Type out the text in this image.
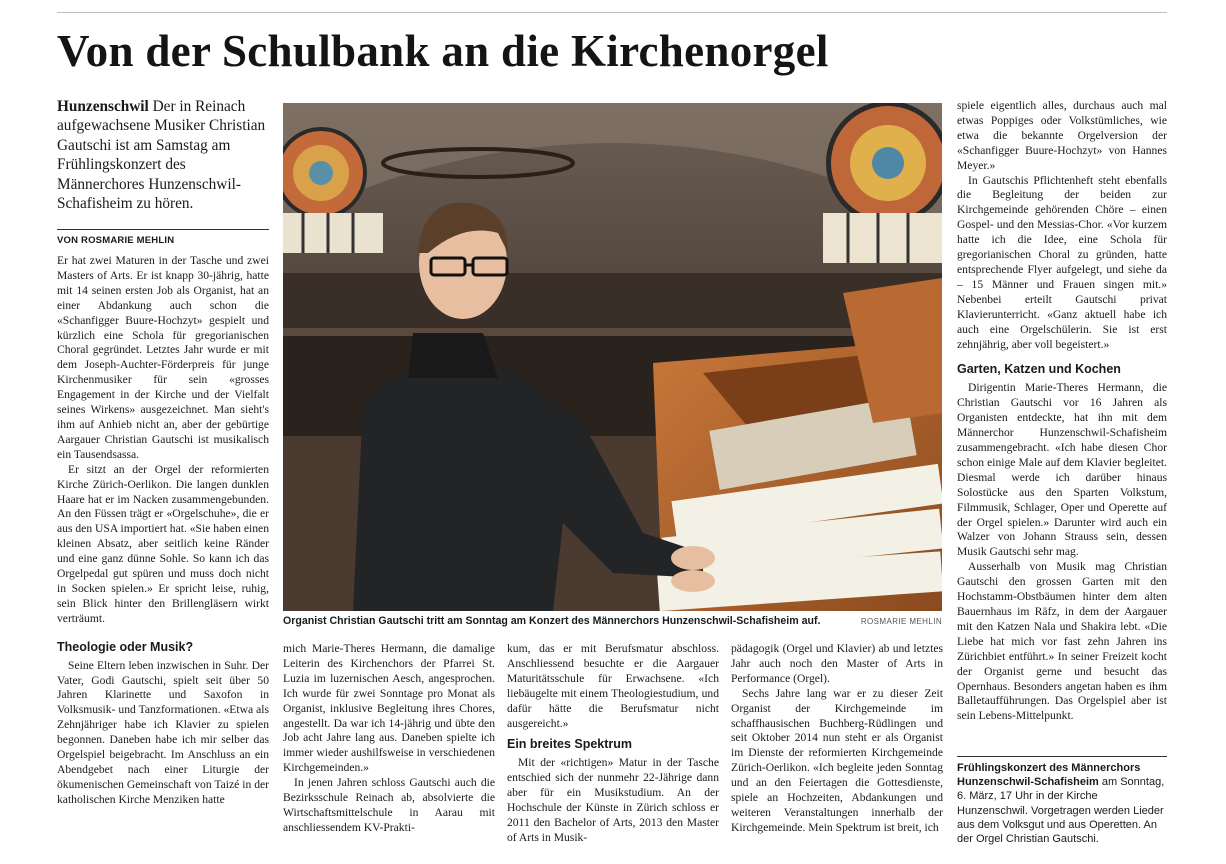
Von der Schulbank an die Kirchenorgel
Hunzenschwil Der in Reinach aufgewachsene Musiker Christian Gautschi ist am Samstag am Frühlingskonzert des Männerchores Hunzenschwil-Schafisheim zu hören.
VON ROSMARIE MEHLIN

Er hat zwei Maturen in der Tasche und zwei Masters of Arts. Er ist knapp 30-jährig, hatte mit 14 seinen ersten Job als Organist, hat an einer Abdankung auch schon die «Schanfigger Buure-Hochzyt» gespielt und kürzlich eine Schola für gregorianischen Choral gegründet. Letztes Jahr wurde er mit dem Joseph-Auchter-Förderpreis für junge Kirchenmusiker für sein «grosses Engagement in der Kirche und der Vielfalt seines Wirkens» ausgezeichnet. Man sieht's ihm auf Anhieb nicht an, aber der gebürtige Aargauer Christian Gautschi ist musikalisch ein Tausendsassa.

Er sitzt an der Orgel der reformierten Kirche Zürich-Oerlikon. Die langen dunklen Haare hat er im Nacken zusammengebunden. An den Füssen trägt er «Orgelschuhe», die er aus den USA importiert hat. «Sie haben einen kleinen Absatz, aber seitlich keine Ränder und eine ganz dünne Sohle. So kann ich das Orgelpedal gut spüren und muss doch nicht in Socken spielen.» Er spricht leise, ruhig, sein Blick hinter den Brillengläsern wirkt verträumt.

Theologie oder Musik?

Seine Eltern leben inzwischen in Suhr. Der Vater, Godi Gautschi, spielt seit über 50 Jahren Klarinette und Saxofon in Volksmusik- und Tanzformationen. «Etwa als Zehnjähriger habe ich Klavier zu spielen begonnen. Daneben habe ich mir selber das Orgelspiel beigebracht. Im Anschluss an ein Abendgebet nach einer Liturgie der ökumenischen Gemeinschaft von Taizé in der katholischen Kirche Menziken hatte

Organist Christian Gautschi tritt am Sonntag am Konzert des Männerchors Hunzenschwil-Schafisheim auf.	ROSMARIE MEHLIN

mich Marie-Theres Hermann, die damalige Leiterin des Kirchenchors der Pfarrei St. Luzia im luzernischen Aesch, angesprochen. Ich wurde für zwei Sonntage pro Monat als Organist, inklusive Begleitung ihres Chores, angestellt. Da war ich 14-jährig und übte den Job acht Jahre lang aus. Daneben spielte ich immer wieder aushilfsweise in verschiedenen Kirchgemeinden.»

In jenen Jahren schloss Gautschi auch die Bezirksschule Reinach ab, absolvierte die Wirtschaftsmittelschule in Aarau mit anschliessendem KV-Prakti-

kum, das er mit Berufsmatur abschloss. Anschliessend besuchte er die Aargauer Maturitätsschule für Erwachsene. «Ich liebäugelte mit einem Theologiestudium, und dafür hätte die Berufsmatur nicht ausgereicht.»

Ein breites Spektrum

Mit der «richtigen» Matur in der Tasche entschied sich der nunmehr 22-Jährige dann aber für ein Musikstudium. An der Hochschule der Künste in Zürich schloss er 2011 den Bachelor of Arts, 2013 den Master of Arts in Musik-

pädagogik (Orgel und Klavier) ab und letztes Jahr auch noch den Master of Arts in Performance (Orgel).

Sechs Jahre lang war er zu dieser Zeit Organist der Kirchgemeinde im schaffhausischen Buchberg-Rüdlingen und seit Oktober 2014 nun steht er als Organist im Dienste der reformierten Kirchgemeinde Zürich-Oerlikon. «Ich begleite jeden Sonntag und an den Feiertagen die Gottesdienste, spiele an Hochzeiten, Abdankungen und weiteren Veranstaltungen innerhalb der Kirchgemeinde. Mein Spektrum ist breit, ich

spiele eigentlich alles, durchaus auch mal etwas Poppiges oder Volkstümliches, wie etwa die bekannte Orgelversion der «Schanfigger Buure-Hochzyt» von Hannes Meyer.»

In Gautschis Pflichtenheft steht ebenfalls die Begleitung der beiden zur Kirchgemeinde gehörenden Chöre – einen Gospel- und den Messias-Chor. «Vor kurzem hatte ich die Idee, eine Schola für gregorianischen Choral zu gründen, hatte entsprechende Flyer aufgelegt, und siehe da – 15 Männer und Frauen singen mit.» Nebenbei erteilt Gautschi privat Klavierunterricht. «Ganz aktuell habe ich auch eine Orgelschülerin. Sie ist erst zehnjährig, aber voll begeistert.»

Garten, Katzen und Kochen

Dirigentin Marie-Theres Hermann, die Christian Gautschi vor 16 Jahren als Organisten entdeckte, hat ihn mit dem Männerchor Hunzenschwil-Schafisheim zusammengebracht. «Ich habe diesen Chor schon einige Male auf dem Klavier begleitet. Diesmal werde ich darüber hinaus Solostücke aus den Sparten Volkstum, Filmmusik, Schlager, Oper und Operette auf der Orgel spielen.» Darunter wird auch ein Walzer von Johann Strauss sein, dessen Musik Gautschi sehr mag.

Ausserhalb von Musik mag Christian Gautschi den grossen Garten mit den Hochstamm-Obstbäumen hinter dem alten Bauernhaus im Räfz, in dem der Aargauer mit den Katzen Nala und Shakira lebt. «Die Liebe hat mich vor fast zehn Jahren ins Zürichbiet entführt.» In seiner Freizeit kocht der Organist gerne und besucht das Opernhaus. Besonders angetan haben es ihm Balletaufführungen. Das Orgelspiel aber ist sein Lebens-Mittelpunkt.

Frühlingskonzert des Männerchors Hunzenschwil-Schafisheim am Sonntag, 6. März, 17 Uhr in der Kirche Hunzenschwil. Vorgetragen werden Lieder aus dem Volksgut und aus Operetten. An der Orgel Christian Gautschi.
